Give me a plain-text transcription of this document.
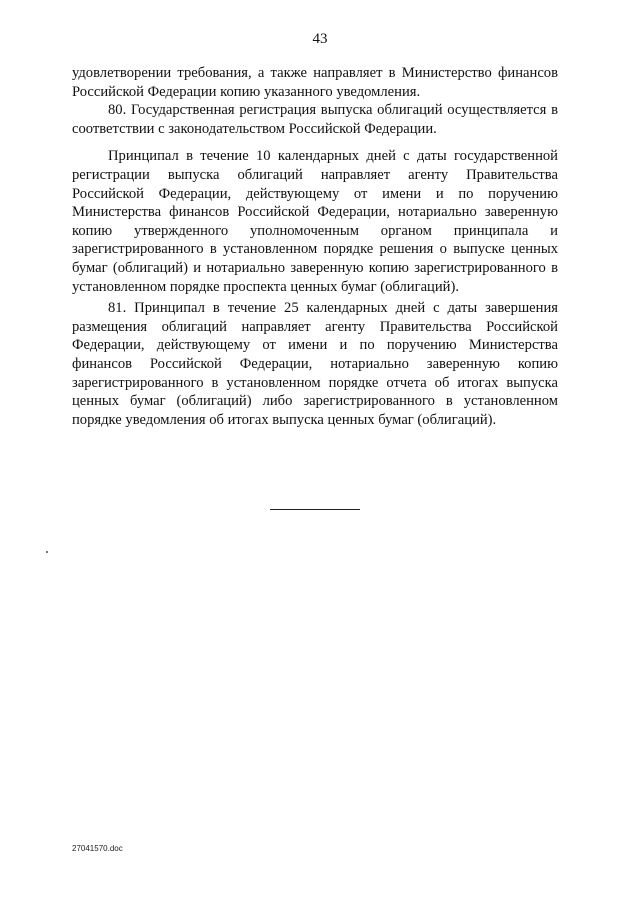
43

удовлетворении требования, а также направляет в Министерство финансов Российской Федерации копию указанного уведомления.

80. Государственная регистрация выпуска облигаций осуществляется в соответствии с законодательством Российской Федерации.

Принципал в течение 10 календарных дней с даты государственной регистрации выпуска облигаций направляет агенту Правительства Российской Федерации, действующему от имени и по поручению Министерства финансов Российской Федерации, нотариально заверенную копию утвержденного уполномоченным органом принципала и зарегистрированного в установленном порядке решения о выпуске ценных бумаг (облигаций) и нотариально заверенную копию зарегистрированного в установленном порядке проспекта ценных бумаг (облигаций).

81. Принципал в течение 25 календарных дней с даты завершения размещения облигаций направляет агенту Правительства Российской Федерации, действующему от имени и по поручению Министерства финансов Российской Федерации, нотариально заверенную копию зарегистрированного в установленном порядке отчета об итогах выпуска ценных бумаг (облигаций) либо зарегистрированного в установленном порядке уведомления об итогах выпуска ценных бумаг (облигаций).

27041570.doc
